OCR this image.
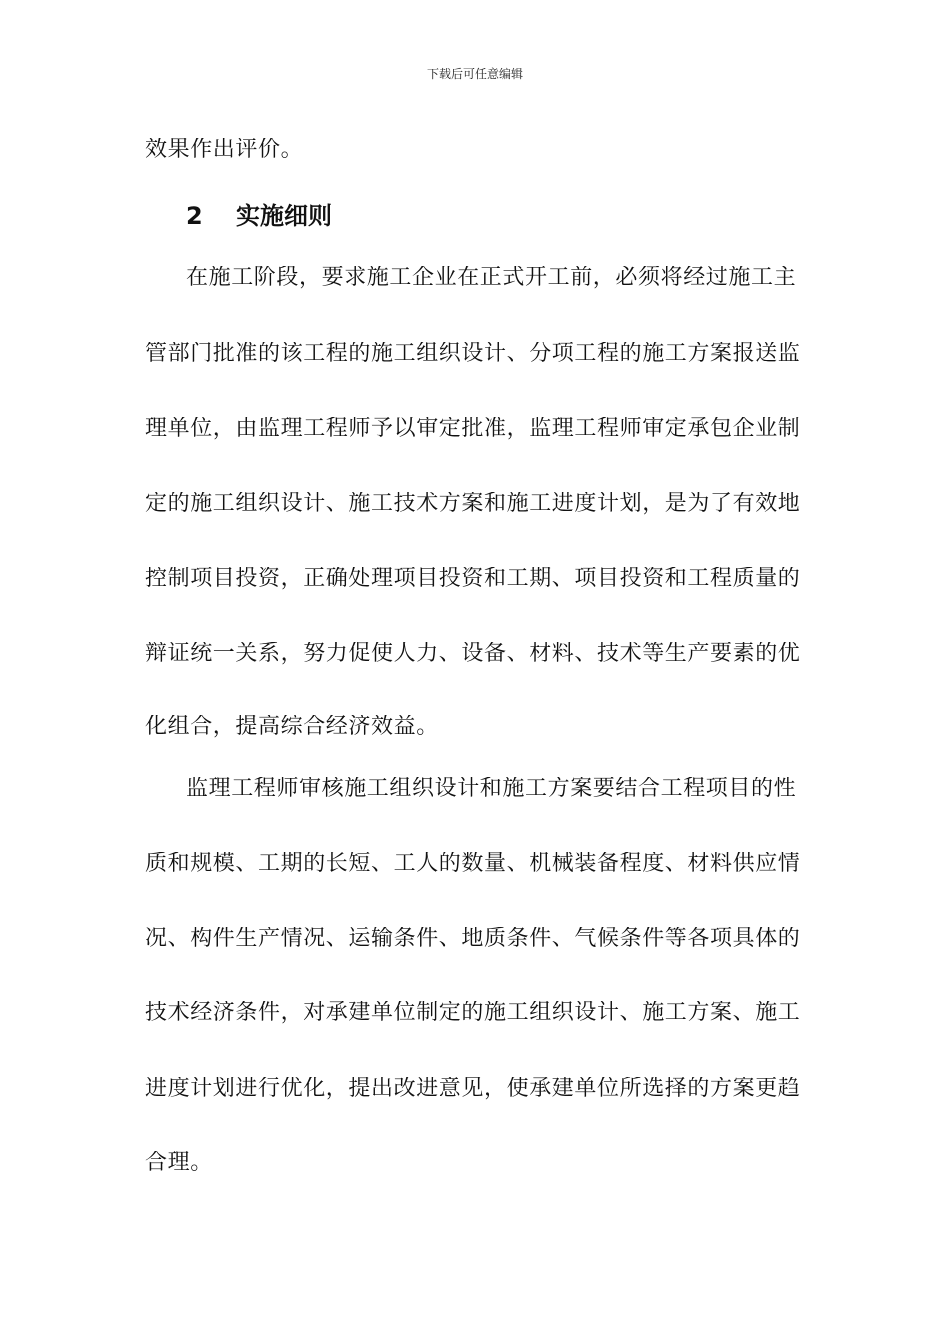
下载后可任意编辑
效果作出评价。
2 实施细则
在施工阶段，要求施工企业在正式开工前，必须将经过施工主
管部门批准的该工程的施工组织设计、分项工程的施工方案报送监
理单位，由监理工程师予以审定批准，监理工程师审定承包企业制
定的施工组织设计、施工技术方案和施工进度计划，是为了有效地
控制项目投资，正确处理项目投资和工期、项目投资和工程质量的
辩证统一关系，努力促使人力、设备、材料、技术等生产要素的优
化组合，提高综合经济效益。
监理工程师审核施工组织设计和施工方案要结合工程项目的性
质和规模、工期的长短、工人的数量、机械装备程度、材料供应情
况、构件生产情况、运输条件、地质条件、气候条件等各项具体的
技术经济条件，对承建单位制定的施工组织设计、施工方案、施工
进度计划进行优化，提出改进意见，使承建单位所选择的方案更趋
合理。
